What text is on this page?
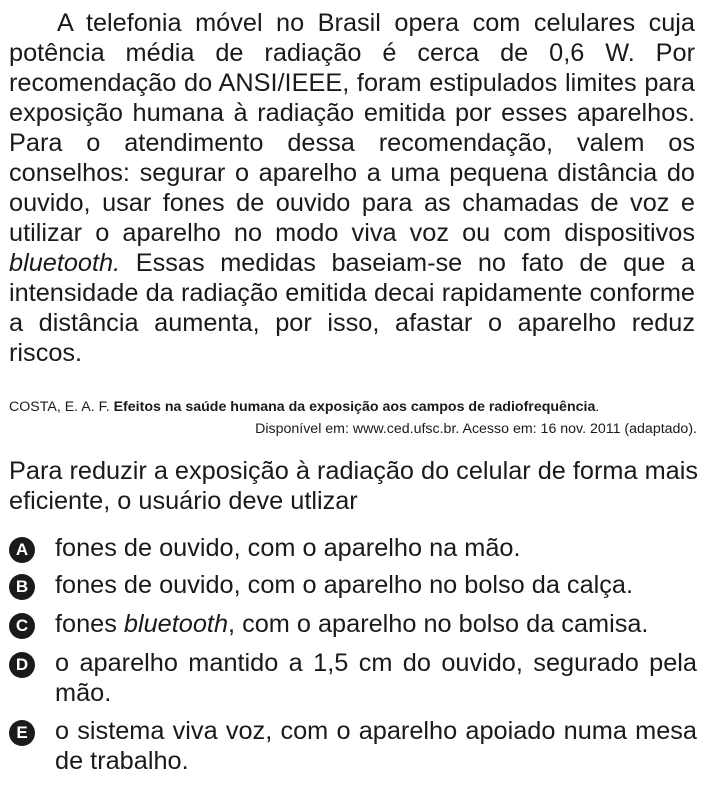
A telefonia móvel no Brasil opera com celulares cuja potência média de radiação é cerca de 0,6 W. Por recomendação do ANSI/IEEE, foram estipulados limites para exposição humana à radiação emitida por esses aparelhos. Para o atendimento dessa recomendação, valem os conselhos: segurar o aparelho a uma pequena distância do ouvido, usar fones de ouvido para as chamadas de voz e utilizar o aparelho no modo viva voz ou com dispositivos bluetooth. Essas medidas baseiam-se no fato de que a intensidade da radiação emitida decai rapidamente conforme a distância aumenta, por isso, afastar o aparelho reduz riscos.

COSTA, E. A. F. Efeitos na saúde humana da exposição aos campos de radiofrequência.
Disponível em: www.ced.ufsc.br. Acesso em: 16 nov. 2011 (adaptado).

Para reduzir a exposição à radiação do celular de forma mais eficiente, o usuário deve utlizar

A fones de ouvido, com o aparelho na mão.
B fones de ouvido, com o aparelho no bolso da calça.
C fones bluetooth, com o aparelho no bolso da camisa.
D o aparelho mantido a 1,5 cm do ouvido, segurado pela mão.
E o sistema viva voz, com o aparelho apoiado numa mesa de trabalho.
